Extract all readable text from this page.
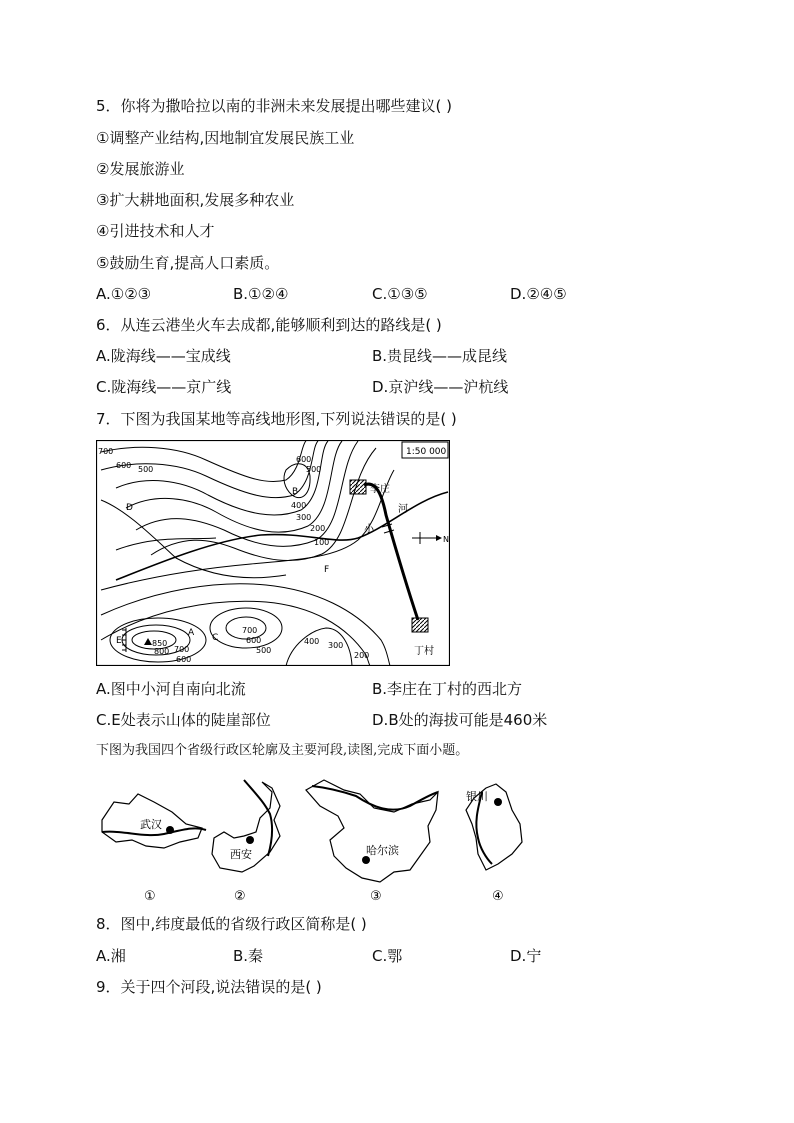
5．你将为撒哈拉以南的非洲未来发展提出哪些建议( )
①调整产业结构,因地制宜发展民族工业
②发展旅游业
③扩大耕地面积,发展多种农业
④引进技术和人才
⑤鼓励生育,提高人口素质。
A.①②③	B.①②④	C.①③⑤	D.②④⑤
6．从连云港坐火车去成都,能够顺利到达的路线是( )
A.陇海线——宝成线	B.贵昆线——成昆线
C.陇海线——京广线	D.京沪线——沪杭线
7．下图为我国某地等高线地形图,下列说法错误的是( )
1:50 000
李庄
丁村
小
河
N
A
B
C
D
E
F
700
600 500
600
500
400
300
200
100
850
800 700
600
700
600
500
400 300
200
A.图中小河自南向北流	B.李庄在丁村的西北方
C.E处表示山体的陡崖部位	D.B处的海拔可能是460米
下图为我国四个省级行政区轮廓及主要河段,读图,完成下面小题。
武汉
西安	哈尔滨
银川
①	②	③	④
8．图中,纬度最低的省级行政区简称是( )
A.湘	B.秦	C.鄂	D.宁
9．关于四个河段,说法错误的是( )
